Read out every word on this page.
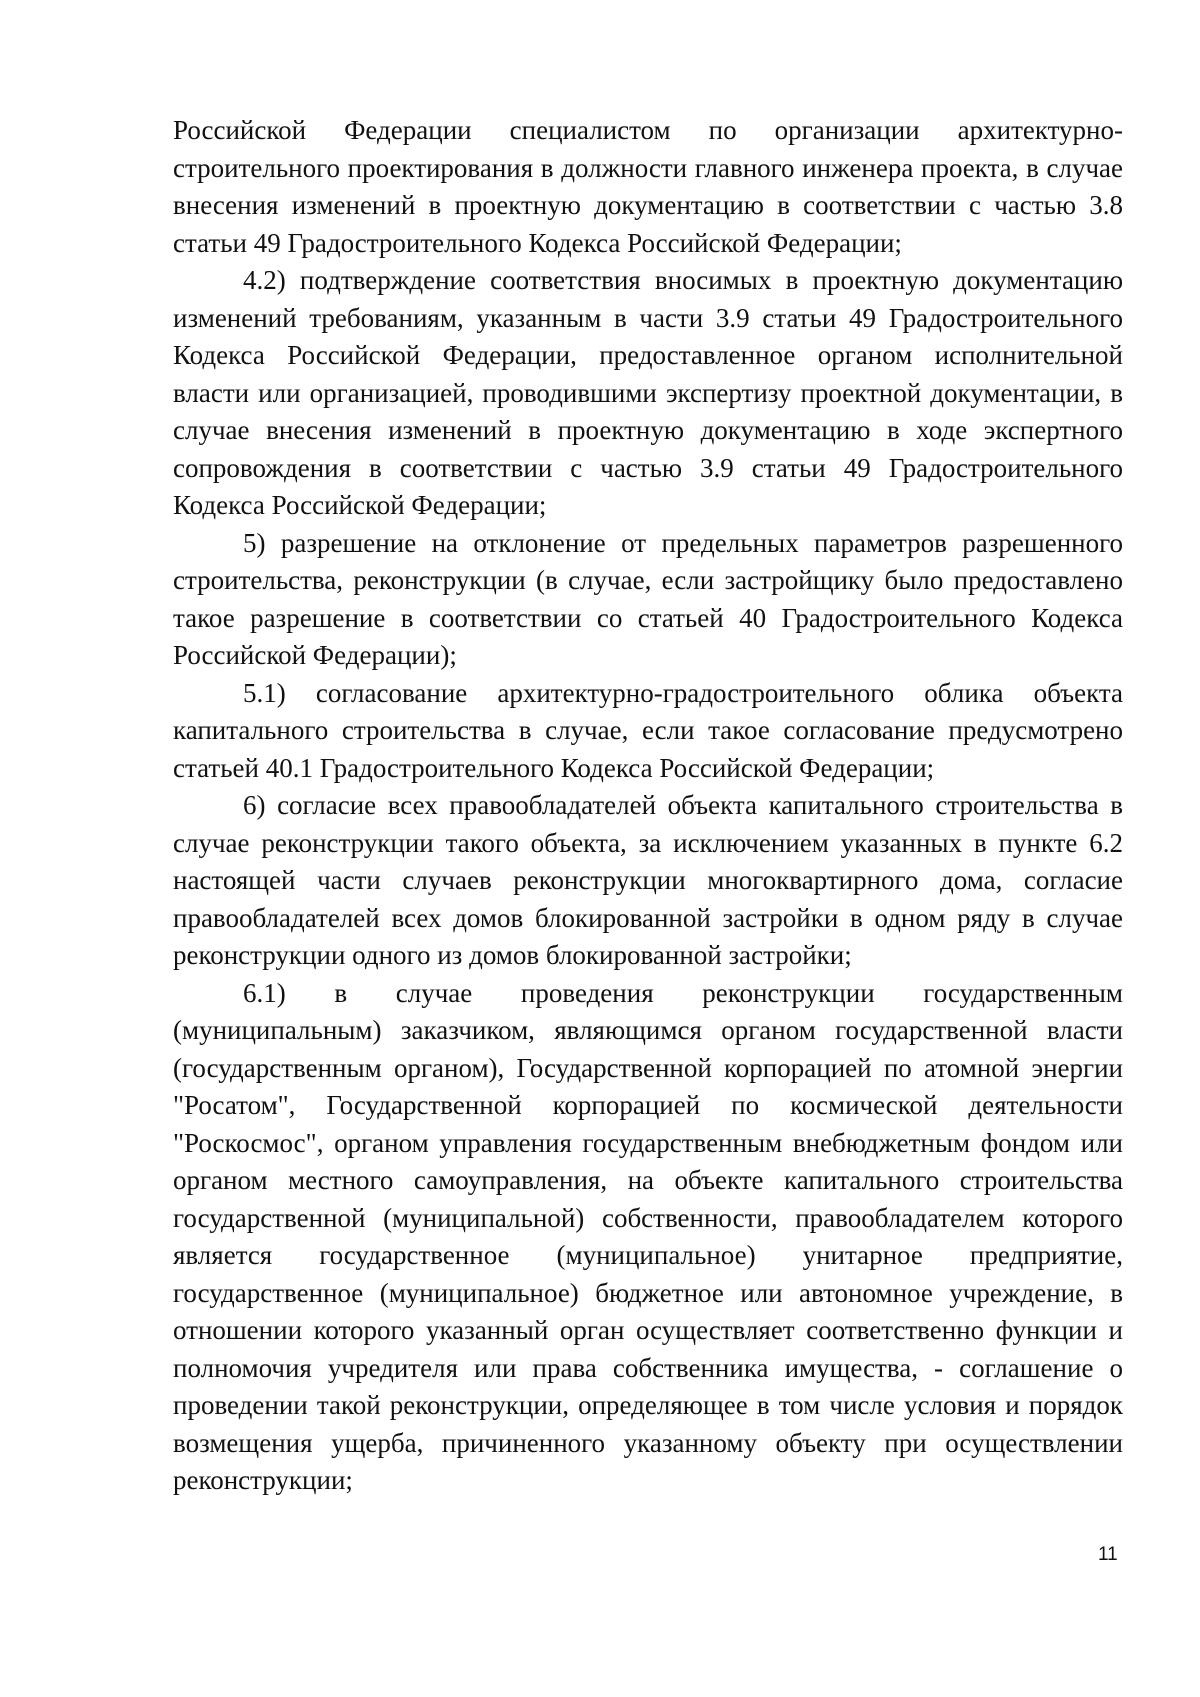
Российской Федерации специалистом по организации архитектурно-строительного проектирования в должности главного инженера проекта, в случае внесения изменений в проектную документацию в соответствии с частью 3.8 статьи 49 Градостроительного Кодекса Российской Федерации;

4.2) подтверждение соответствия вносимых в проектную документацию изменений требованиям, указанным в части 3.9 статьи 49 Градостроительного Кодекса Российской Федерации, предоставленное органом исполнительной власти или организацией, проводившими экспертизу проектной документации, в случае внесения изменений в проектную документацию в ходе экспертного сопровождения в соответствии с частью 3.9 статьи 49 Градостроительного Кодекса Российской Федерации;

5) разрешение на отклонение от предельных параметров разрешенного строительства, реконструкции (в случае, если застройщику было предоставлено такое разрешение в соответствии со статьей 40 Градостроительного Кодекса Российской Федерации);

5.1) согласование архитектурно-градостроительного облика объекта капитального строительства в случае, если такое согласование предусмотрено статьей 40.1 Градостроительного Кодекса Российской Федерации;

6) согласие всех правообладателей объекта капитального строительства в случае реконструкции такого объекта, за исключением указанных в пункте 6.2 настоящей части случаев реконструкции многоквартирного дома, согласие правообладателей всех домов блокированной застройки в одном ряду в случае реконструкции одного из домов блокированной застройки;

6.1) в случае проведения реконструкции государственным (муниципальным) заказчиком, являющимся органом государственной власти (государственным органом), Государственной корпорацией по атомной энергии "Росатом", Государственной корпорацией по космической деятельности "Роскосмос", органом управления государственным внебюджетным фондом или органом местного самоуправления, на объекте капитального строительства государственной (муниципальной) собственности, правообладателем которого является государственное (муниципальное) унитарное предприятие, государственное (муниципальное) бюджетное или автономное учреждение, в отношении которого указанный орган осуществляет соответственно функции и полномочия учредителя или права собственника имущества, - соглашение о проведении такой реконструкции, определяющее в том числе условия и порядок возмещения ущерба, причиненного указанному объекту при осуществлении реконструкции;

11
